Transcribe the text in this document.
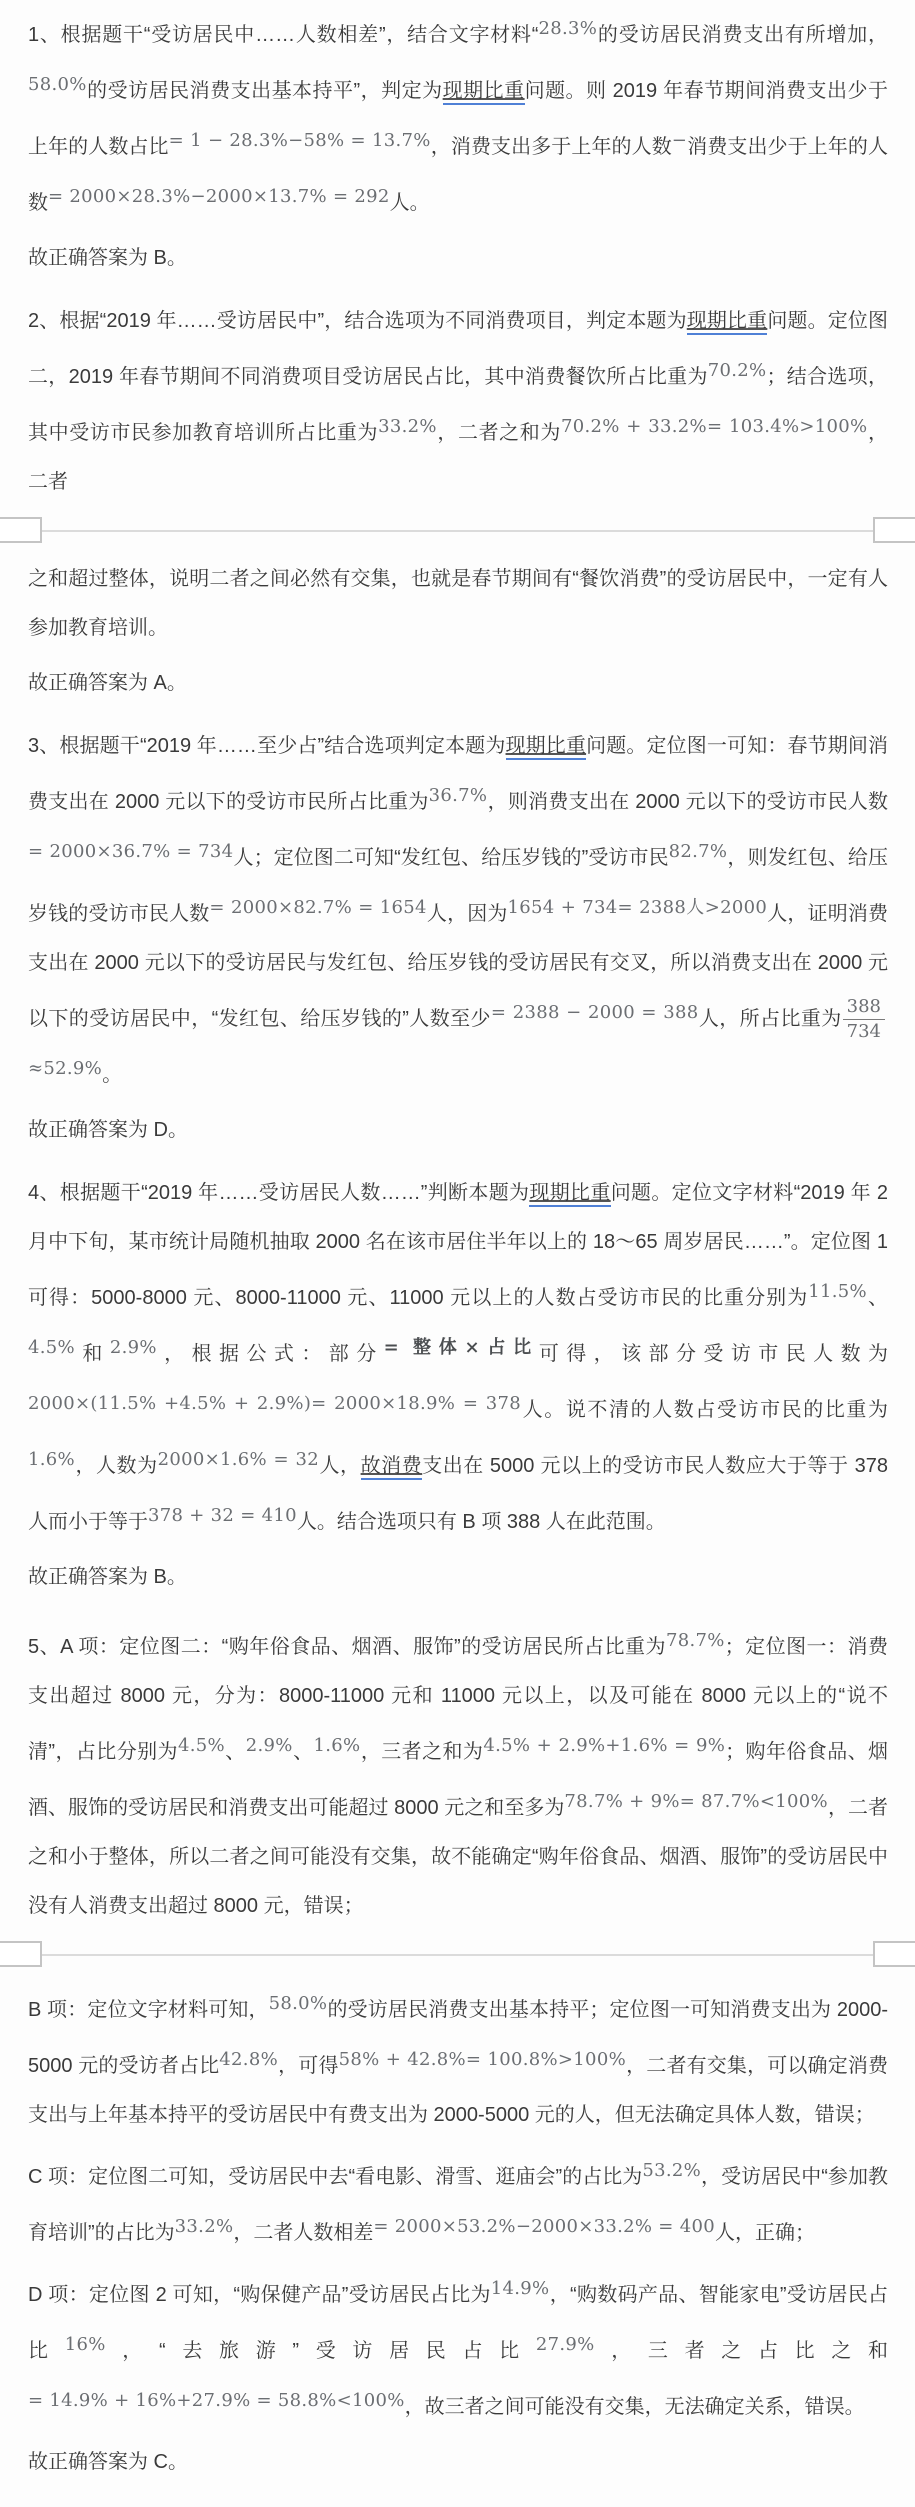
1、根据题干“受访居民中……人数相差”，结合文字材料“28.3%的受访居民消费支出有所增加，58.0%的受访居民消费支出基本持平”，判定为现期比重问题。则 2019 年春节期间消费支出少于上年的人数占比= 1 − 28.3%−58% = 13.7%，消费支出多于上年的人数−消费支出少于上年的人数= 2000×28.3%−2000×13.7% = 292人。

故正确答案为 B。

2、根据“2019 年……受访居民中”，结合选项为不同消费项目，判定本题为现期比重问题。定位图二，2019 年春节期间不同消费项目受访居民占比，其中消费餐饮所占比重为70.2%；结合选项，其中受访市民参加教育培训所占比重为33.2%，二者之和为70.2% + 33.2%= 103.4%>100%，二者

之和超过整体，说明二者之间必然有交集，也就是春节期间有“餐饮消费”的受访居民中，一定有人参加教育培训。

故正确答案为 A。

3、根据题干“2019 年……至少占”结合选项判定本题为现期比重问题。定位图一可知：春节期间消费支出在 2000 元以下的受访市民所占比重为36.7%，则消费支出在 2000 元以下的受访市民人数= 2000×36.7% = 734人；定位图二可知“发红包、给压岁钱的”受访市民82.7%，则发红包、给压岁钱的受访市民人数= 2000×82.7% = 1654人，因为1654 + 734= 2388人>2000人，证明消费支出在 2000 元以下的受访居民与发红包、给压岁钱的受访居民有交叉，所以消费支出在 2000 元以下的受访居民中，“发红包、给压岁钱的”人数至少= 2388 − 2000 = 388人，所占比重为 $\frac{388}{734}$
≈52.9%。

故正确答案为 D。

4、根据题干“2019 年……受访居民人数……”判断本题为现期比重问题。定位文字材料“2019 年 2 月中下旬，某市统计局随机抽取 2000 名在该市居住半年以上的 18～65 周岁居民……”。定位图 1 可得：5000-8000 元、8000-11000 元、11000 元以上的人数占受访市民的比重分别为11.5%、4.5%和2.9%，根据公式：部分= 整体×占比可得，该部分受访市民人数为2000×(11.5% +4.5% + 2.9%)= 2000×18.9% = 378人。说不清的人数占受访市民的比重为1.6%，人数为2000×1.6% = 32人，故消费支出在 5000 元以上的受访市民人数应大于等于 378 人而小于等于378 + 32 = 410人。结合选项只有 B 项 388 人在此范围。

故正确答案为 B。

5、A 项：定位图二：“购年俗食品、烟酒、服饰”的受访居民所占比重为78.7%；定位图一：消费支出超过 8000 元，分为：8000-11000 元和 11000 元以上，以及可能在 8000 元以上的“说不清”，占比分别为4.5%、2.9%、1.6%，三者之和为4.5% + 2.9%+1.6% = 9%；购年俗食品、烟酒、服饰的受访居民和消费支出可能超过 8000 元之和至多为78.7% + 9%= 87.7%<100%，二者之和小于整体，所以二者之间可能没有交集，故不能确定“购年俗食品、烟酒、服饰”的受访居民中没有人消费支出超过 8000 元，错误；

B 项：定位文字材料可知，58.0%的受访居民消费支出基本持平；定位图一可知消费支出为 2000-5000 元的受访者占比42.8%，可得58% + 42.8%= 100.8%>100%，二者有交集，可以确定消费支出与上年基本持平的受访居民中有费支出为 2000-5000 元的人，但无法确定具体人数，错误；

C 项：定位图二可知，受访居民中去“看电影、滑雪、逛庙会”的占比为53.2%，受访居民中“参加教育培训”的占比为33.2%，二者人数相差= 2000×53.2%−2000×33.2% = 400人，正确；

D 项：定位图 2 可知，“购保健产品”受访居民占比为14.9%，“购数码产品、智能家电”受访居民占比16%，“去旅游”受访居民占比27.9%，三者之占比之和= 14.9% + 16%+27.9% = 58.8%<100%，故三者之间可能没有交集，无法确定关系，错误。

故正确答案为 C。
